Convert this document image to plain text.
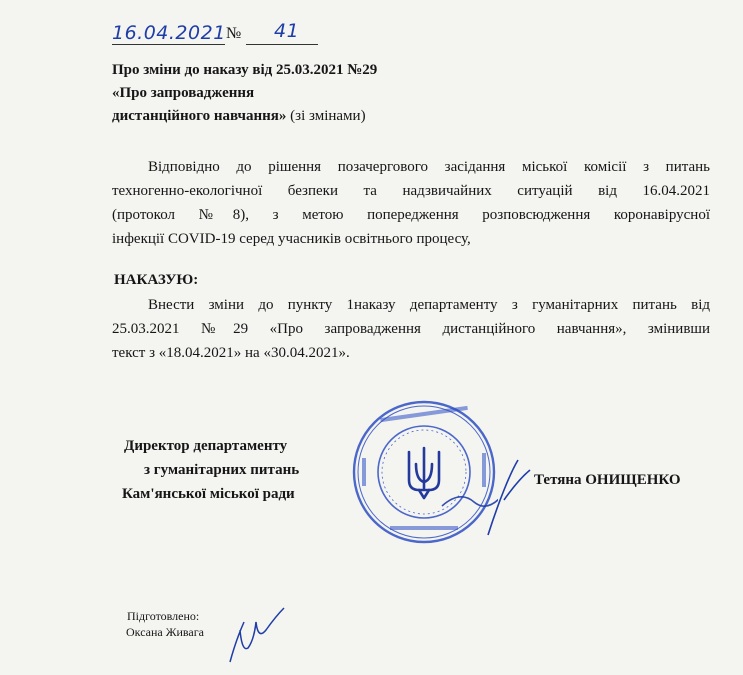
16.04.2021 № 41
Про зміни до наказу від 25.03.2021 №29
«Про запровадження
дистанційного навчання» (зі змінами)
Відповідно до рішення позачергового засідання міської комісії з питань
техногенно-екологічної безпеки та надзвичайних ситуацій від 16.04.2021
(протокол №8), з метою попередження розповсюдження коронавірусної
інфекції COVID-19 серед учасників освітнього процесу,
НАКАЗУЮ:
Внести зміни до пункту 1наказу департаменту з гуманітарних питань від
25.03.2021 №29 «Про запровадження дистанційного навчання», змінивши
текст з «18.04.2021» на «30.04.2021».
Директор департаменту
з гуманітарних питань
Кам'янської міської ради
Тетяна ОНИЩЕНКО
Підготовлено:
Оксана Живага
